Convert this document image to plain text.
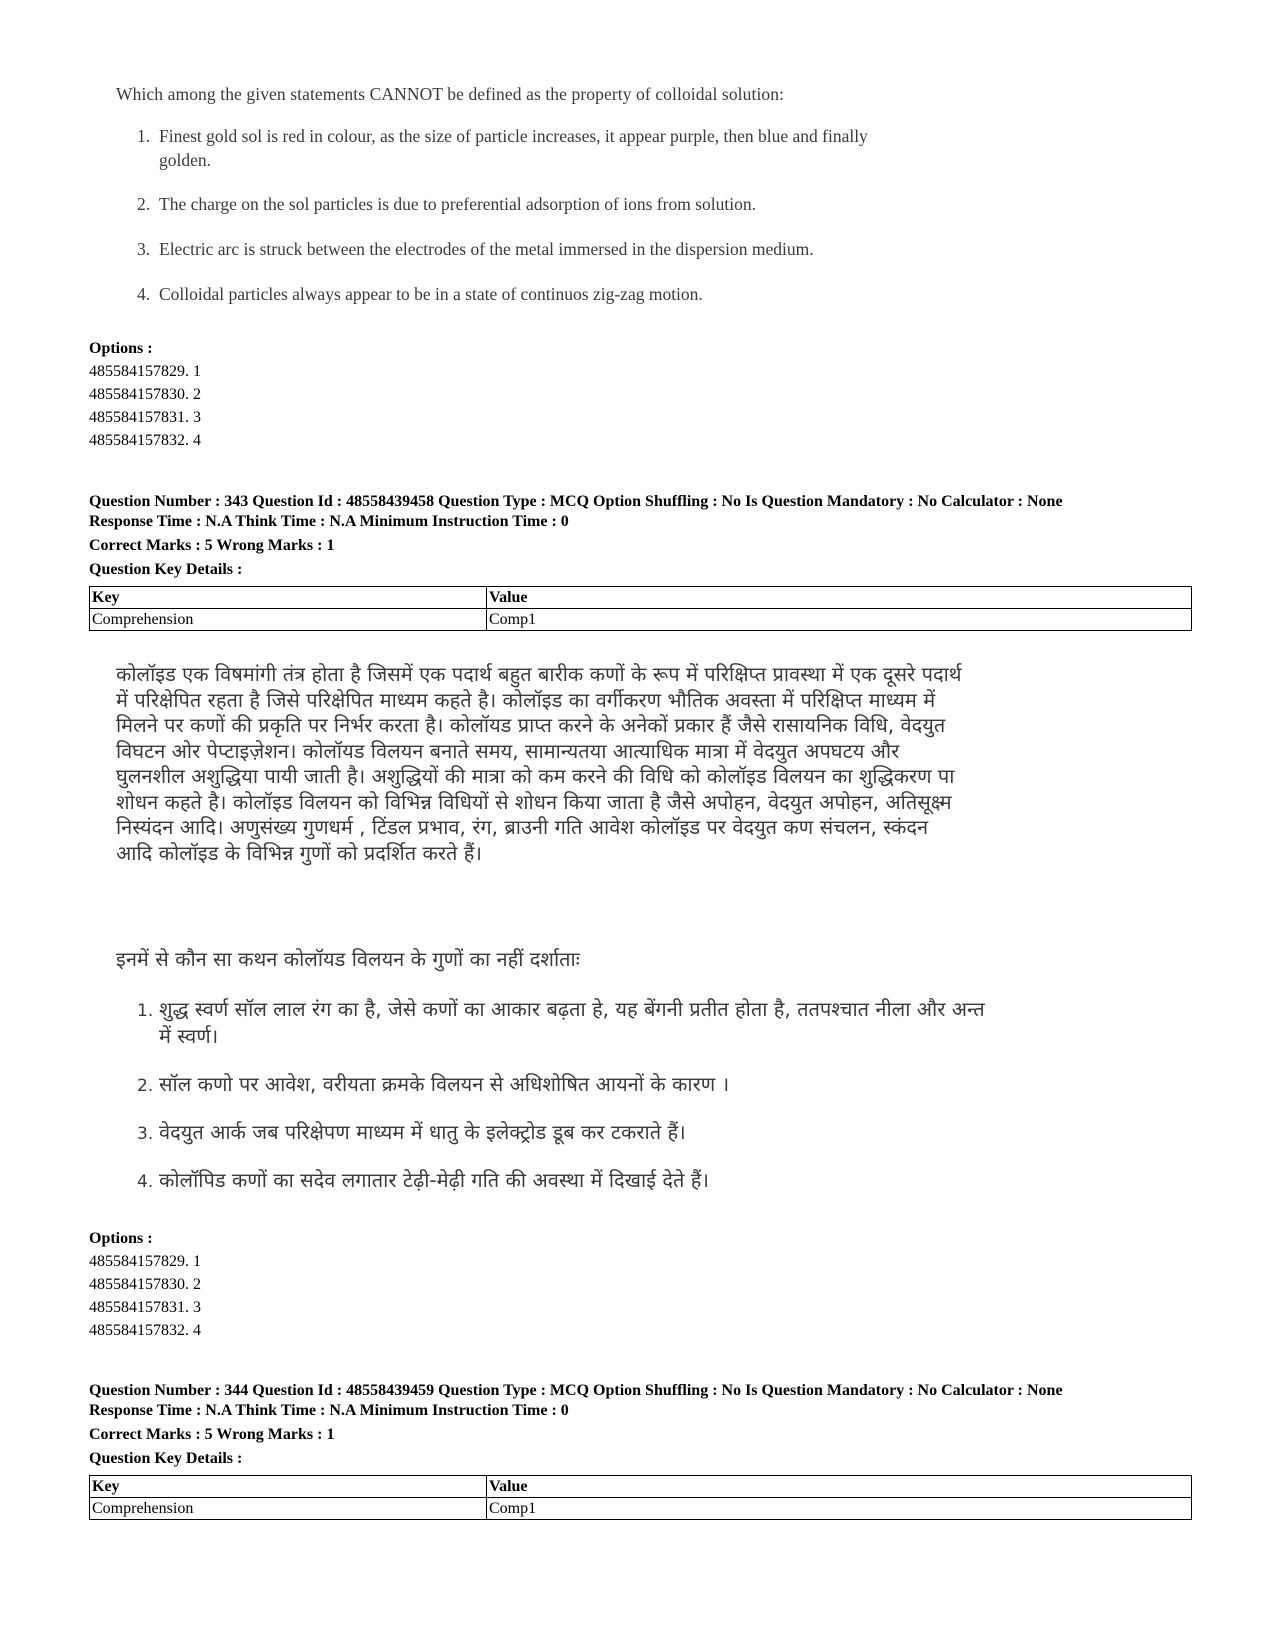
Which among the given statements CANNOT be defined as the property of colloidal solution:
1. Finest gold sol is red in colour, as the size of particle increases, it appear purple, then blue and finally
golden.
2. The charge on the sol particles is due to preferential adsorption of ions from solution.
3. Electric arc is struck between the electrodes of the metal immersed in the dispersion medium.
4. Colloidal particles always appear to be in a state of continuos zig-zag motion.
Options :
485584157829. 1
485584157830. 2
485584157831. 3
485584157832. 4
Question Number : 343 Question Id : 48558439458 Question Type : MCQ Option Shuffling : No Is Question Mandatory : No Calculator : None
Response Time : N.A Think Time : N.A Minimum Instruction Time : 0
Correct Marks : 5 Wrong Marks : 1
Question Key Details :
Key	Value
Comprehension	Comp1
कोलॉइड एक विषमांगी तंत्र होता है जिसमें एक पदार्थ बहुत बारीक कणों के रूप में परिक्षिप्त प्रावस्था में एक दूसरे पदार्थ
में परिक्षेपित रहता है जिसे परिक्षेपित माध्यम कहते है। कोलॉइड का वर्गीकरण भौतिक अवस्ता में परिक्षिप्त माध्यम में
मिलने पर कणों की प्रकृति पर निर्भर करता है। कोलॉयड प्राप्त करने के अनेकों प्रकार हैं जैसे रासायनिक विधि, वेदयुत
विघटन ओर पेप्टाइज़ेशन। कोलॉयड विलयन बनाते समय, सामान्यतया आत्याधिक मात्रा में वेदयुत अपघटय और
घुलनशील अशुद्धिया पायी जाती है। अशुद्धियों की मात्रा को कम करने की विधि को कोलॉइड विलयन का शुद्धिकरण पा
शोधन कहते है। कोलॉइड विलयन को विभिन्न विधियों से शोधन किया जाता है जैसे अपोहन, वेदयुत अपोहन, अतिसूक्ष्म
निस्यंदन आदि। अणुसंख्य गुणधर्म , टिंडल प्रभाव, रंग, ब्राउनी गति आवेश कोलॉइड पर वेदयुत कण संचलन, स्कंदन
आदि कोलॉइड के विभिन्न गुणों को प्रदर्शित करते हैं।
इनमें से कौन सा कथन कोलॉयड विलयन के गुणों का नहीं दर्शाताः
1. शुद्ध स्वर्ण सॉल लाल रंग का है, जेसे कणों का आकार बढ़ता हे, यह बेंगनी प्रतीत होता है, ततपश्चात नीला और अन्त
में स्वर्ण।
2. सॉल कणो पर आवेश, वरीयता क्रमके विलयन से अधिशोषित आयनों के कारण ।
3. वेदयुत आर्क जब परिक्षेपण माध्यम में धातु के इलेक्ट्रोड डूब कर टकराते हैं।
4. कोलॉपिड कणों का सदेव लगातार टेढ़ी-मेढ़ी गति की अवस्था में दिखाई देते हैं।
Options :
485584157829. 1
485584157830. 2
485584157831. 3
485584157832. 4
Question Number : 344 Question Id : 48558439459 Question Type : MCQ Option Shuffling : No Is Question Mandatory : No Calculator : None
Response Time : N.A Think Time : N.A Minimum Instruction Time : 0
Correct Marks : 5 Wrong Marks : 1
Question Key Details :
Key	Value
Comprehension	Comp1
